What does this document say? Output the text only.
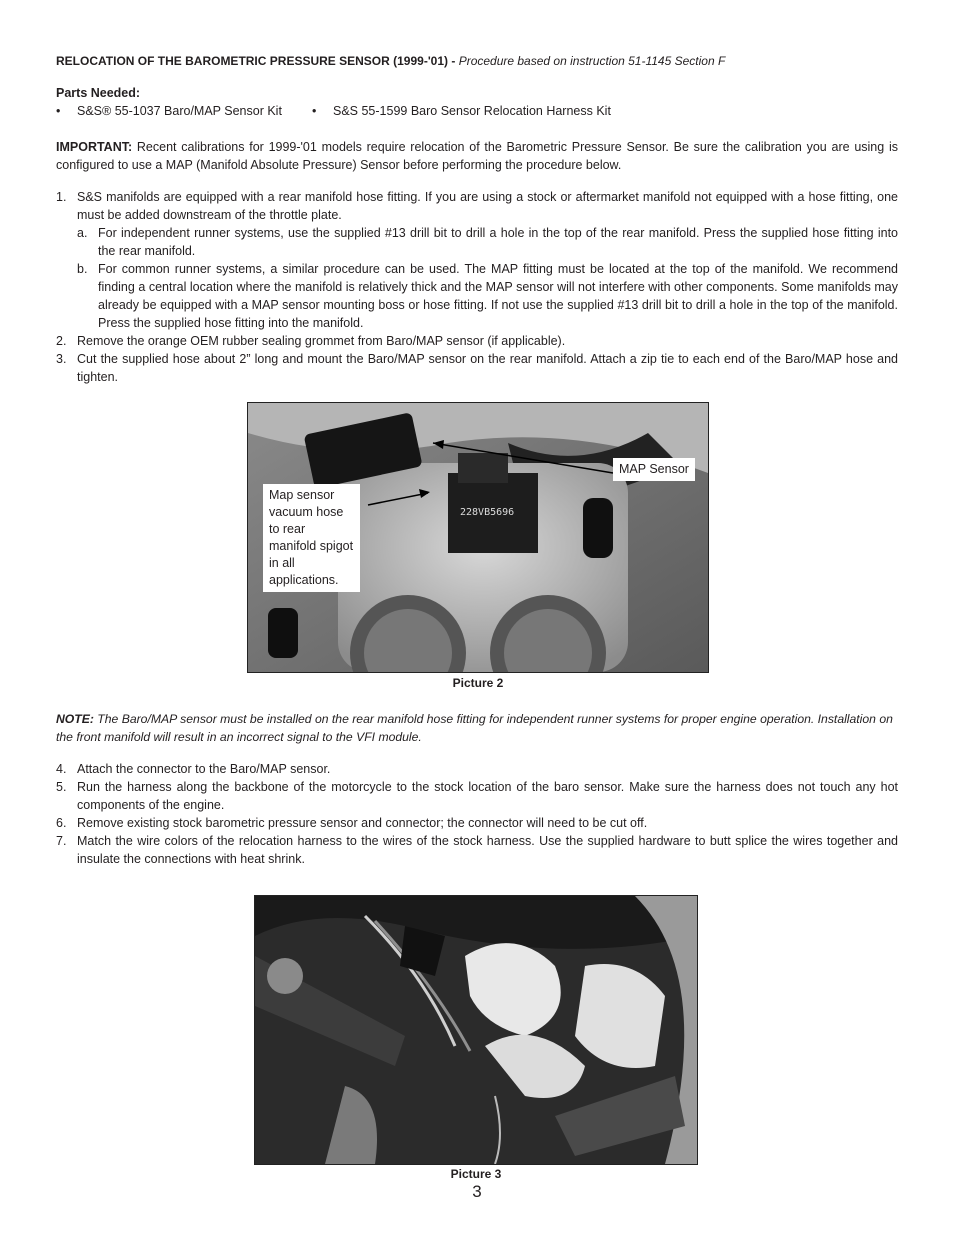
RELOCATION OF THE BAROMETRIC PRESSURE SENSOR (1999-'01) - Procedure based on instruction 51-1145 Section F

Parts Needed:
•	S&S® 55-1037 Baro/MAP Sensor Kit •	S&S 55-1599 Baro Sensor Relocation Harness Kit
IMPORTANT: Recent calibrations for 1999-'01 models require relocation of the Barometric Pressure Sensor. Be sure the calibration you are using is configured to use a MAP (Manifold Absolute Pressure) Sensor before performing the procedure below.
1. S&S manifolds are equipped with a rear manifold hose fitting. If you are using a stock or aftermarket manifold not equipped with a hose fitting, one must be added downstream of the throttle plate.
a. For independent runner systems, use the supplied #13 drill bit to drill a hole in the top of the rear manifold. Press the supplied hose fitting into the rear manifold.
b. For common runner systems, a similar procedure can be used. The MAP fitting must be located at the top of the manifold. We recommend finding a central location where the manifold is relatively thick and the MAP sensor will not interfere with other components. Some manifolds may already be equipped with a MAP sensor mounting boss or hose fitting. If not use the supplied #13 drill bit to drill a hole in the top of the manifold. Press the supplied hose fitting into the manifold.
2. Remove the orange OEM rubber sealing grommet from Baro/MAP sensor (if applicable).
3. Cut the supplied hose about 2” long and mount the Baro/MAP sensor on the rear manifold. Attach a zip tie to each end of the Baro/MAP hose and tighten.
228VB5696
MAP Sensor
Map sensor vacuum hose to rear manifold spigot in all applications.
Picture 2
NOTE: The Baro/MAP sensor must be installed on the rear manifold hose fitting for independent runner systems for proper engine operation. Installation on the front manifold will result in an incorrect signal to the VFI module.
4. Attach the connector to the Baro/MAP sensor.
5. Run the harness along the backbone of the motorcycle to the stock location of the baro sensor. Make sure the harness does not touch any hot components of the engine.
6. Remove existing stock barometric pressure sensor and connector; the connector will need to be cut off.
7. Match the wire colors of the relocation harness to the wires of the stock harness. Use the supplied hardware to butt splice the wires together and insulate the connections with heat shrink.
Picture 3
3
